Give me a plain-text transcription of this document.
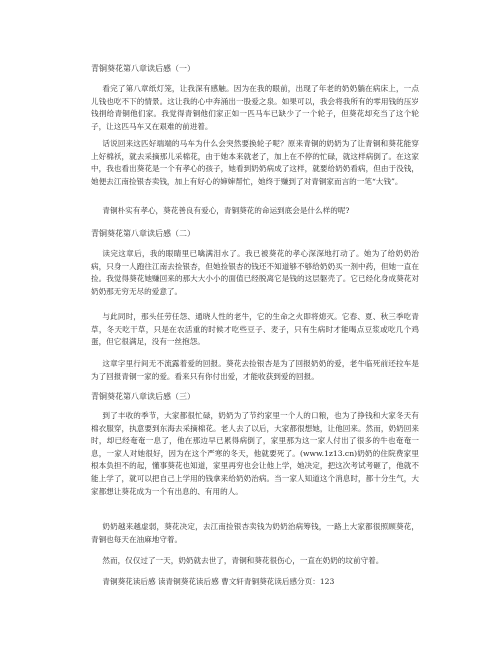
青铜葵花第八章读后感（一）

看完了第八章纸灯笼，让我深有感触。因为在我的眼前，出现了年老的奶奶躺在病床上，一点儿钱也吃不下的情景。这让我的心中奔涌出一股爱之泉。如果可以，我会将我所有的零用钱的压岁钱捐给青铜他们家。我觉得青铜他们家正如一匹马车已缺少了一个轮子，但葵花却充当了这个轮子，让这匹马车又在艰难的前进着。

话说回来这匹好端端的马车为什么会突然要换轮子呢？原来青铜的奶奶为了让青铜和葵花能穿上好棉袄，就去采摘那儿采棉花，由于她本来就老了，加上在不停的忙碌，就这样病倒了。在这家中，我也看出葵花是一个有孝心的孩子，她看到奶奶病成了这样，就要给奶奶看病，但由于没钱，她便去江南捡银杏卖钱，加上有好心的婶婶帮忙，她终于赚到了对青铜家而言的一笔“大钱”。

青铜朴实有孝心，葵花善良有爱心，青铜葵花的命运到底会是什么样的呢?

青铜葵花第八章读后感（二）

读完这章后，我的眼睛里已噙满泪水了。我已被葵花的孝心深深地打动了。她为了给奶奶治病，只身一人跑往江南去捡银杏，但她捡银杏的钱还不知道够不够给奶奶买一剂中药，但她一直在捡。我觉得葵花她赚回来的那大大小小的面值已经脱离它是钱的这层躯壳了。它已经化身成葵花对奶奶那无穷无尽的爱意了。

与此同时，那头任劳任怨、通晓人性的老牛，它的生命之火即将熄灭。它春、夏、秋三季吃青草，冬天吃干草，只是在农活重的时候才吃些豆子、麦子，只有生病时才能喝点豆浆或吃几个鸡蛋，但它很满足，没有一丝抱怨。

这章字里行间无不流露着爱的回报。葵花去捡银杏是为了回报奶奶的爱，老牛临死前还拉车是为了回报青铜一家的爱。看来只有你付出爱，才能收获到爱的回报。

青铜葵花第八章读后感（三）

到了丰收的季节，大家都很忙碌，奶奶为了节约家里一个人的口粮，也为了挣钱和大家冬天有棉衣服穿，执意要到东海去采摘棉花。老人去了以后，大家都很想她，让他回来。然而，奶奶回来时，却已经奄奄一息了，他在那边早已累得病倒了，家里那为这一家人付出了很多的牛也奄奄一息，一家人对她很好，因为在这个严寒的冬天，他就要死了。(www.1z13.cn)奶奶的住院费家里根本负担不的起，懂事葵花也知道，家里再穷也会让他上学，她决定，把这次考试考砸了，他就不能上学了，就可以把自己上学用的钱拿来给奶奶治病。当一家人知道这个消息时，都十分生气，大家都想让葵花成为一个有出息的、有用的人。

奶奶越来越虚弱，葵花决定，去江南捡银杏卖钱为奶奶治病筹钱，一路上大家都很照顾葵花，青铜也每天在油麻地守着。

然而，仅仅过了一天，奶奶就去世了，青铜和葵花很伤心，一直在奶奶的坟前守着。

青铜葵花读后感 读青铜葵花读后感 曹文轩青铜葵花读后感分页：123
